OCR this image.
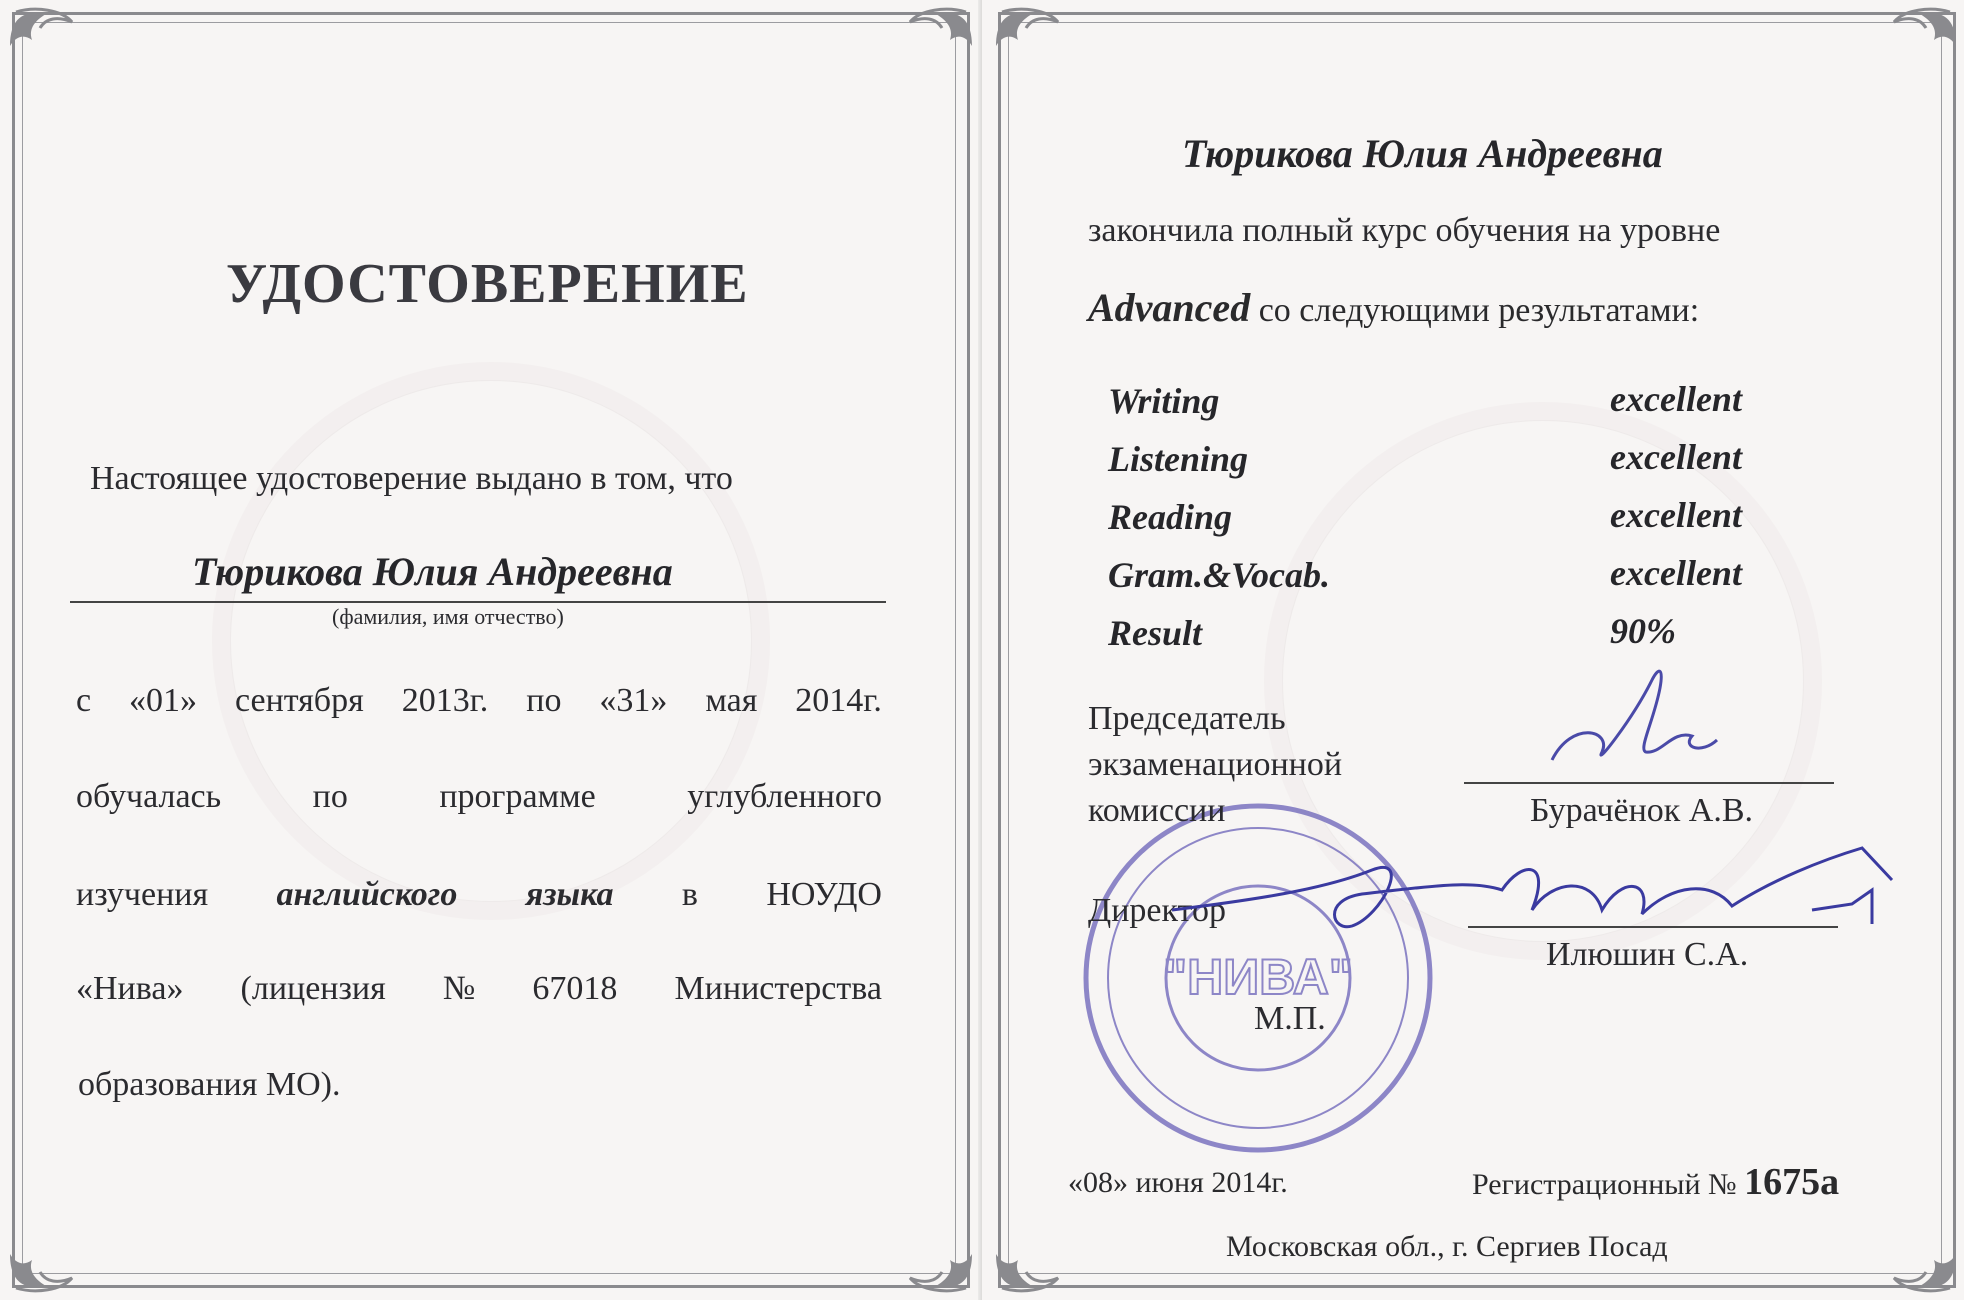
УДОСТОВЕРЕНИЕ
Настоящее удостоверение выдано в том, что
Тюрикова Юлия Андреевна
(фамилия, имя отчество)
с «01» сентября 2013г. по «31» мая 2014г.
обучалась	по	программе	углубленного
изучения английского языка в НОУДО
«Нива» (лицензия № 67018 Министерства
образования МО).
"НИВА"
Тюрикова Юлия Андреевна
закончила полный курс обучения на уровне
Advanced со следующими результатами:
Writing	excellent
Listening	excellent
Reading	excellent
Gram.&Vocab.	excellent
Result	90%
Председатель
экзаменационной
комиссии	Бурачёнок А.В.
Директор
Илюшин С.А.
М.П.
«08» июня 2014г.	Регистрационный № 1675а
Московская обл., г. Сергиев Посад
